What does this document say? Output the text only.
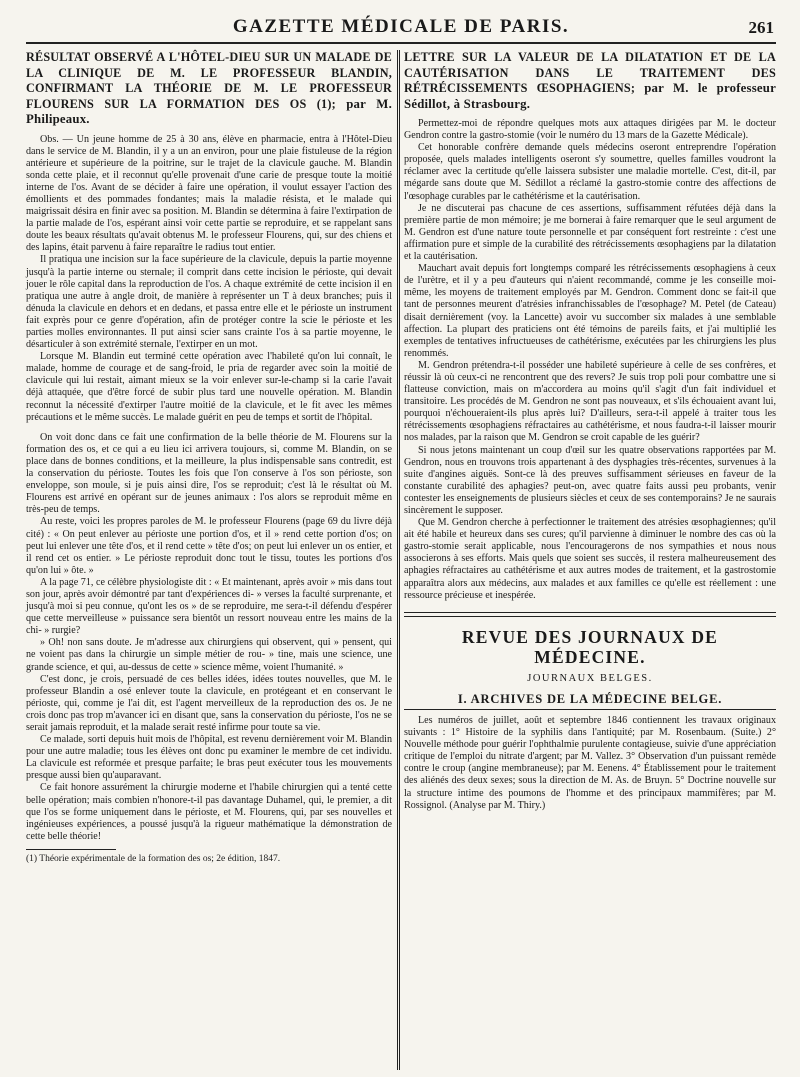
GAZETTE MÉDICALE DE PARIS.	261
RÉSULTAT OBSERVÉ A L'HÔTEL-DIEU SUR UN MALADE DE LA CLINIQUE DE M. LE PROFESSEUR BLANDIN, CONFIRMANT LA THÉORIE DE M. LE PROFESSEUR FLOURENS SUR LA FORMATION DES OS (1); par M. Philipeaux.

Obs. — Un jeune homme de 25 à 30 ans, élève en pharmacie, entra à l'Hôtel-Dieu dans le service de M. Blandin, il y a un an environ, pour une plaie fistuleuse de la région antérieure et supérieure de la poitrine, sur le trajet de la clavicule gauche. M. Blandin sonda cette plaie, et il reconnut qu'elle provenait d'une carie de presque toute la moitié interne de l'os. Avant de se décider à faire une opération, il voulut essayer l'action des émollients et des pommades fondantes; mais la maladie résista, et le malade qui maigrissait désira en finir avec sa position. M. Blandin se détermina à faire l'extirpation de la partie malade de l'os, espérant ainsi voir cette partie se reproduire, et se rappelant sans doute les beaux résultats qu'avait obtenus M. le professeur Flourens, qui, sur des chiens et des lapins, était parvenu à faire reparaître le radius tout entier.

Il pratiqua une incision sur la face supérieure de la clavicule, depuis la partie moyenne jusqu'à la partie interne ou sternale; il comprit dans cette incision le périoste, qui devait jouer le rôle capital dans la reproduction de l'os. A chaque extrémité de cette incision il en pratiqua une autre à angle droit, de manière à représenter un T à deux branches; puis il dénuda la clavicule en dehors et en dedans, et passa entre elle et le périoste un instrument fait exprès pour ce genre d'opération, afin de protéger contre la scie le périoste et les parties molles environnantes. Il put ainsi scier sans crainte l'os à sa partie moyenne, le désarticuler à son extrémité sternale, l'extirper en un mot.

Lorsque M. Blandin eut terminé cette opération avec l'habileté qu'on lui connaît, le malade, homme de courage et de sang-froid, le pria de regarder avec soin la moitié de clavicule qui lui restait, aimant mieux se la voir enlever sur-le-champ si la carie l'avait déjà attaquée, que d'être forcé de subir plus tard une nouvelle opération. M. Blandin reconnut la nécessité d'extirper l'autre moitié de la clavicule, et le fit avec les mêmes précautions et le même succès. Le malade guérit en peu de temps et sortit de l'hôpital.

On voit donc dans ce fait une confirmation de la belle théorie de M. Flourens sur la formation des os, et ce qui a eu lieu ici arrivera toujours, si, comme M. Blandin, on se place dans de bonnes conditions, et la meilleure, la plus indispensable sans contredit, est la conservation du périoste. Toutes les fois que l'on conserve à l'os son périoste, son enveloppe, son moule, si je puis ainsi dire, l'os se reproduit; c'est là le résultat où M. Flourens est arrivé en opérant sur de jeunes animaux : l'os alors se reproduit même en très-peu de temps.

Au reste, voici les propres paroles de M. le professeur Flourens (page 69 du livre déjà cité) : « On peut enlever au périoste une portion d'os, et il » rend cette portion d'os; on peut lui enlever une tête d'os, et il rend cette » tête d'os; on peut lui enlever un os entier, et il rend cet os entier. » Le périoste reproduit donc tout le tissu, toutes les portions d'os qu'on lui » ôte. »

A la page 71, ce célèbre physiologiste dit : « Et maintenant, après avoir » mis dans tout son jour, après avoir démontré par tant d'expériences di- » verses la faculté surprenante, et jusqu'à moi si peu connue, qu'ont les os » de se reproduire, me sera-t-il défendu d'espérer que cette merveilleuse » puissance sera bientôt un ressort nouveau entre les mains de la chi- » rurgie?

» Oh! non sans doute. Je m'adresse aux chirurgiens qui observent, qui » pensent, qui ne voient pas dans la chirurgie un simple métier de rou- » tine, mais une science, une grande science, et qui, au-dessus de cette » science même, voient l'humanité. »

C'est donc, je crois, persuadé de ces belles idées, idées toutes nouvelles, que M. le professeur Blandin a osé enlever toute la clavicule, en protégeant et en conservant le périoste, qui, comme je l'ai dit, est l'agent merveilleux de la reproduction des os. Je ne crois donc pas trop m'avancer ici en disant que, sans la conservation du périoste, l'os ne se serait jamais reproduit, et la malade serait resté infirme pour toute sa vie.

Ce malade, sorti depuis huit mois de l'hôpital, est revenu dernièrement voir M. Blandin pour une autre maladie; tous les élèves ont donc pu examiner le membre de cet individu. La clavicule est reformée et presque parfaite; le bras peut exécuter tous les mouvements presque aussi bien qu'auparavant.

Ce fait honore assurément la chirurgie moderne et l'habile chirurgien qui a tenté cette belle opération; mais combien n'honore-t-il pas davantage Duhamel, qui, le premier, a dit que l'os se forme uniquement dans le périoste, et M. Flourens, qui, par ses nouvelles et ingénieuses expériences, a poussé jusqu'à la rigueur mathématique la démonstration de cette belle théorie!

(1) Théorie expérimentale de la formation des os; 2e édition, 1847.

LETTRE SUR LA VALEUR DE LA DILATATION ET DE LA CAUTÉRISATION DANS LE TRAITEMENT DES RÉTRÉCISSEMENTS ŒSOPHAGIENS; par M. le professeur Sédillot, à Strasbourg.

Permettez-moi de répondre quelques mots aux attaques dirigées par M. le docteur Gendron contre la gastro-stomie (voir le numéro du 13 mars de la Gazette Médicale).

Cet honorable confrère demande quels médecins oseront entreprendre l'opération proposée, quels malades intelligents oseront s'y soumettre, quelles familles voudront la réclamer avec la certitude qu'elle laissera subsister une maladie mortelle. C'est, dit-il, par mégarde sans doute que M. Sédillot a réclamé la gastro-stomie contre des affections de l'œsophage curables par le cathétérisme et la cautérisation.

Je ne discuterai pas chacune de ces assertions, suffisamment réfutées déjà dans la première partie de mon mémoire; je me bornerai à faire remarquer que le seul argument de M. Gendron est d'une nature toute personnelle et par conséquent fort restreinte : c'est une affirmation pure et simple de la curabilité des rétrécissements œsophagiens par la dilatation et la cautérisation.

Mauchart avait depuis fort longtemps comparé les rétrécissements œsophagiens à ceux de l'urètre, et il y a peu d'auteurs qui n'aient recommandé, comme je les conseille moi-même, les moyens de traitement employés par M. Gendron. Comment donc se fait-il que tant de personnes meurent d'atrésies infranchissables de l'œsophage? M. Petel (de Cateau) disait dernièrement (voy. la Lancette) avoir vu succomber six malades à une semblable affection. La plupart des praticiens ont été témoins de pareils faits, et j'ai multiplié les exemples de tentatives infructueuses de cathétérisme, exécutées par les chirurgiens les plus renommés.

M. Gendron prétendra-t-il posséder une habileté supérieure à celle de ses confrères, et réussir là où ceux-ci ne rencontrent que des revers? Je suis trop poli pour combattre une si flatteuse conviction, mais on m'accordera au moins qu'il s'agit d'un fait individuel et transitoire. Les procédés de M. Gendron ne sont pas nouveaux, et s'ils échouaient avant lui, pourquoi n'échoueraient-ils plus après lui? D'ailleurs, sera-t-il appelé à traiter tous les rétrécissements œsophagiens réfractaires au cathétérisme, et nous faudra-t-il laisser mourir nos malades, par la raison que M. Gendron se croit capable de les guérir?

Si nous jetons maintenant un coup d'œil sur les quatre observations rapportées par M. Gendron, nous en trouvons trois appartenant à des dysphagies très-récentes, survenues à la suite d'angines aiguës. Sont-ce là des preuves suffisamment sérieuses en faveur de la constante curabilité des aphagies? peut-on, avec quatre faits aussi peu probants, venir contester les enseignements de plusieurs siècles et ceux de ses contemporains? Je ne saurais sincèrement le supposer.

Que M. Gendron cherche à perfectionner le traitement des atrésies œsophagiennes; qu'il ait été habile et heureux dans ses cures; qu'il parvienne à diminuer le nombre des cas où la gastro-stomie serait applicable, nous l'encouragerons de nos sympathies et nous nous associerons à ses efforts. Mais quels que soient ses succès, il restera malheureusement des aphagies réfractaires au cathétérisme et aux autres modes de traitement, et la gastrostomie apparaîtra alors aux médecins, aux malades et aux familles ce qu'elle est réellement : une ressource précieuse et inespérée.

REVUE DES JOURNAUX DE MÉDECINE.
JOURNAUX BELGES.
I. ARCHIVES DE LA MÉDECINE BELGE.

Les numéros de juillet, août et septembre 1846 contiennent les travaux originaux suivants : 1° Histoire de la syphilis dans l'antiquité; par M. Rosenbaum. (Suite.) 2° Nouvelle méthode pour guérir l'ophthalmie purulente contagieuse, suivie d'une appréciation critique de l'emploi du nitrate d'argent; par M. Vallez. 3° Observation d'un puissant remède contre le croup (angine membraneuse); par M. Eenens. 4° Établissement pour le traitement des aliénés des deux sexes; sous la direction de M. As. de Bruyn. 5° Doctrine nouvelle sur la structure intime des poumons de l'homme et des principaux mammifères; par M. Rossignol. (Analyse par M. Thiry.)
